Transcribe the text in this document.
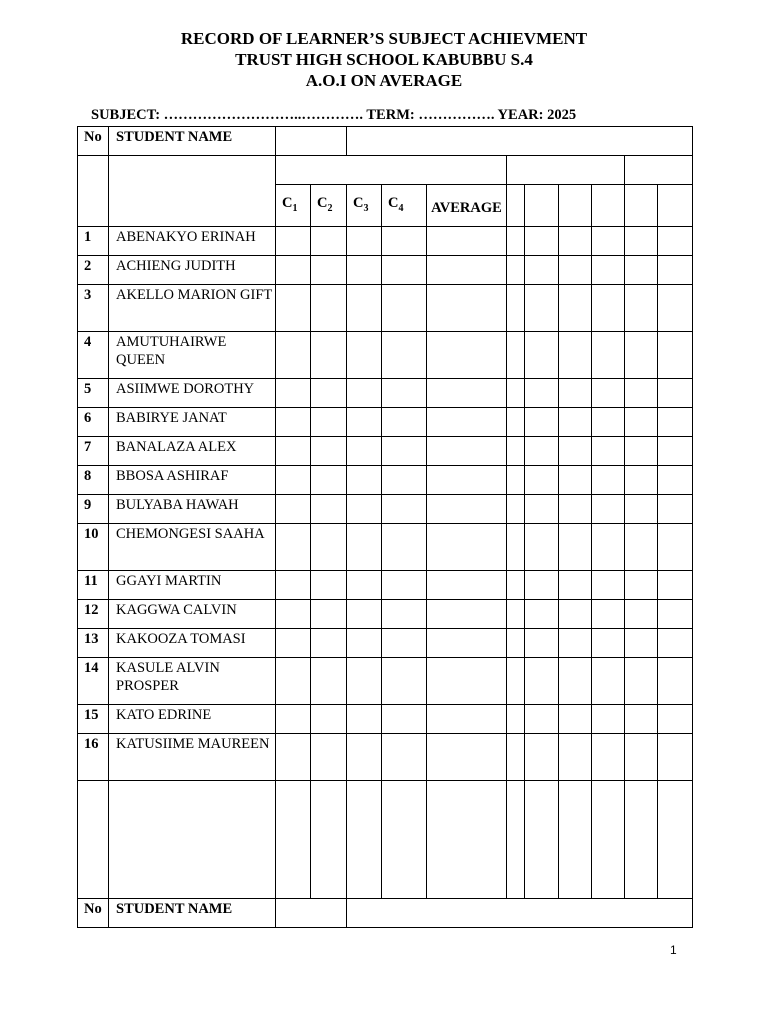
RECORD OF LEARNER’S SUBJECT ACHIEVMENT
TRUST HIGH SCHOOL KABUBBU S.4
A.O.I ON AVERAGE
SUBJECT: ………………………..…………. TERM: ……………. YEAR: 2025
No	STUDENT NAME											

		$C_1$	$C_2$	$C_3$	$C_4$	AVERAGE						
1	ABENAKYO ERINAH											
2	ACHIENG JUDITH											
3	AKELLO MARION GIFT											
4	AMUTUHAIRWE QUEEN											
5	ASIIMWE DOROTHY											
6	BABIRYE JANAT											
7	BANALAZA ALEX											
8	BBOSA ASHIRAF											
9	BULYABA HAWAH											
10	CHEMONGESI SAAHA											
11	GGAYI MARTIN											
12	KAGGWA CALVIN											
13	KAKOOZA TOMASI											
14	KASULE ALVIN PROSPER											
15	KATO EDRINE											
16	KATUSIIME MAUREEN											

No	STUDENT NAME											
1
